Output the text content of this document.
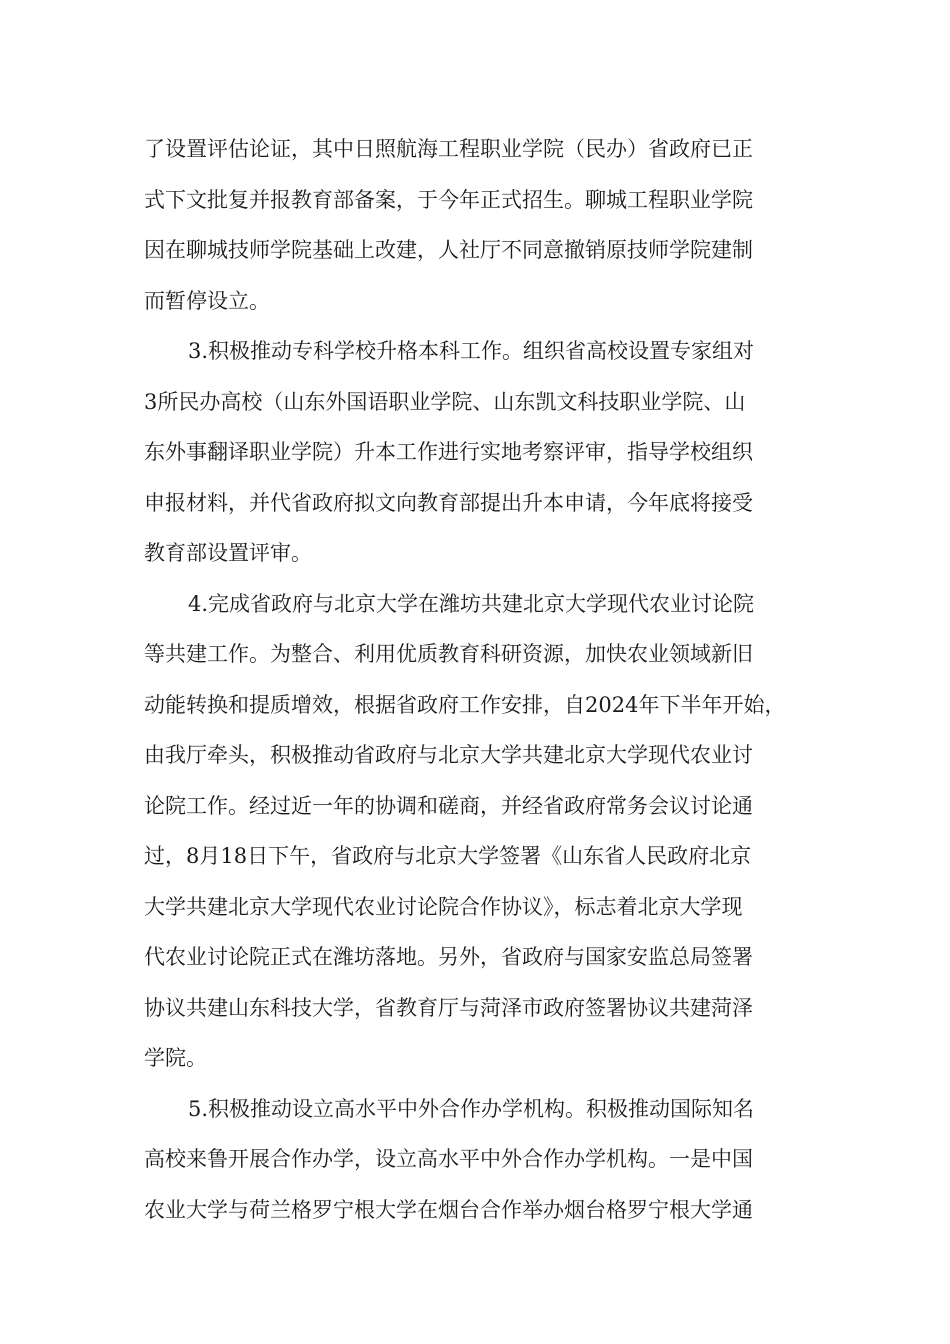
了设置评估论证，其中日照航海工程职业学院（民办）省政府已正
式下文批复并报教育部备案，于今年正式招生。聊城工程职业学院
因在聊城技师学院基础上改建，人社厅不同意撤销原技师学院建制
而暂停设立。
3.积极推动专科学校升格本科工作。组织省高校设置专家组对
3所民办高校（山东外国语职业学院、山东凯文科技职业学院、山
东外事翻译职业学院）升本工作进行实地考察评审，指导学校组织
申报材料，并代省政府拟文向教育部提出升本申请，今年底将接受
教育部设置评审。
4.完成省政府与北京大学在潍坊共建北京大学现代农业讨论院
等共建工作。为整合、利用优质教育科研资源，加快农业领域新旧
动能转换和提质增效，根据省政府工作安排，自2024年下半年开始，
由我厅牵头，积极推动省政府与北京大学共建北京大学现代农业讨
论院工作。经过近一年的协调和磋商，并经省政府常务会议讨论通
过，8月18日下午，省政府与北京大学签署《山东省人民政府北京
大学共建北京大学现代农业讨论院合作协议》，标志着北京大学现
代农业讨论院正式在潍坊落地。另外，省政府与国家安监总局签署
协议共建山东科技大学，省教育厅与菏泽市政府签署协议共建菏泽
学院。
5.积极推动设立高水平中外合作办学机构。积极推动国际知名
高校来鲁开展合作办学，设立高水平中外合作办学机构。一是中国
农业大学与荷兰格罗宁根大学在烟台合作举办烟台格罗宁根大学通
